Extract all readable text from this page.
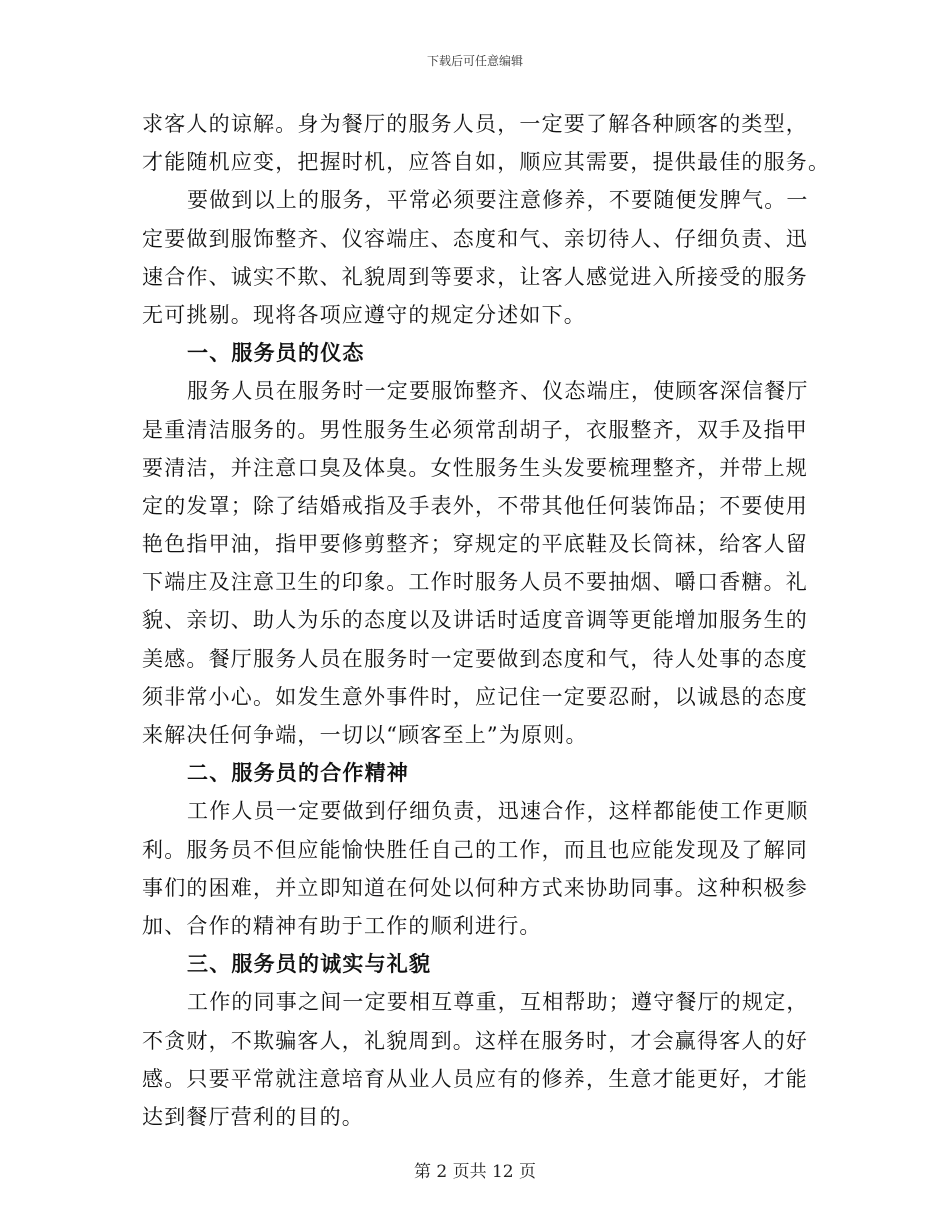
下载后可任意编辑
求客人的谅解。身为餐厅的服务人员，一定要了解各种顾客的类型，
才能随机应变，把握时机，应答自如，顺应其需要，提供最佳的服务。
要做到以上的服务，平常必须要注意修养，不要随便发脾气。一
定要做到服饰整齐、仪容端庄、态度和气、亲切待人、仔细负责、迅
速合作、诚实不欺、礼貌周到等要求，让客人感觉进入所接受的服务
无可挑剔。现将各项应遵守的规定分述如下。
一、服务员的仪态
服务人员在服务时一定要服饰整齐、仪态端庄，使顾客深信餐厅
是重清洁服务的。男性服务生必须常刮胡子，衣服整齐，双手及指甲
要清洁，并注意口臭及体臭。女性服务生头发要梳理整齐，并带上规
定的发罩；除了结婚戒指及手表外，不带其他任何装饰品；不要使用
艳色指甲油，指甲要修剪整齐；穿规定的平底鞋及长筒袜，给客人留
下端庄及注意卫生的印象。工作时服务人员不要抽烟、嚼口香糖。礼
貌、亲切、助人为乐的态度以及讲话时适度音调等更能增加服务生的
美感。餐厅服务人员在服务时一定要做到态度和气，待人处事的态度
须非常小心。如发生意外事件时，应记住一定要忍耐，以诚恳的态度
来解决任何争端，一切以“顾客至上”为原则。
二、服务员的合作精神
工作人员一定要做到仔细负责，迅速合作，这样都能使工作更顺
利。服务员不但应能愉快胜任自己的工作，而且也应能发现及了解同
事们的困难，并立即知道在何处以何种方式来协助同事。这种积极参
加、合作的精神有助于工作的顺利进行。
三、服务员的诚实与礼貌
工作的同事之间一定要相互尊重，互相帮助；遵守餐厅的规定，
不贪财，不欺骗客人，礼貌周到。这样在服务时，才会赢得客人的好
感。只要平常就注意培育从业人员应有的修养，生意才能更好，才能
达到餐厅营利的目的。
第 2 页共 12 页
